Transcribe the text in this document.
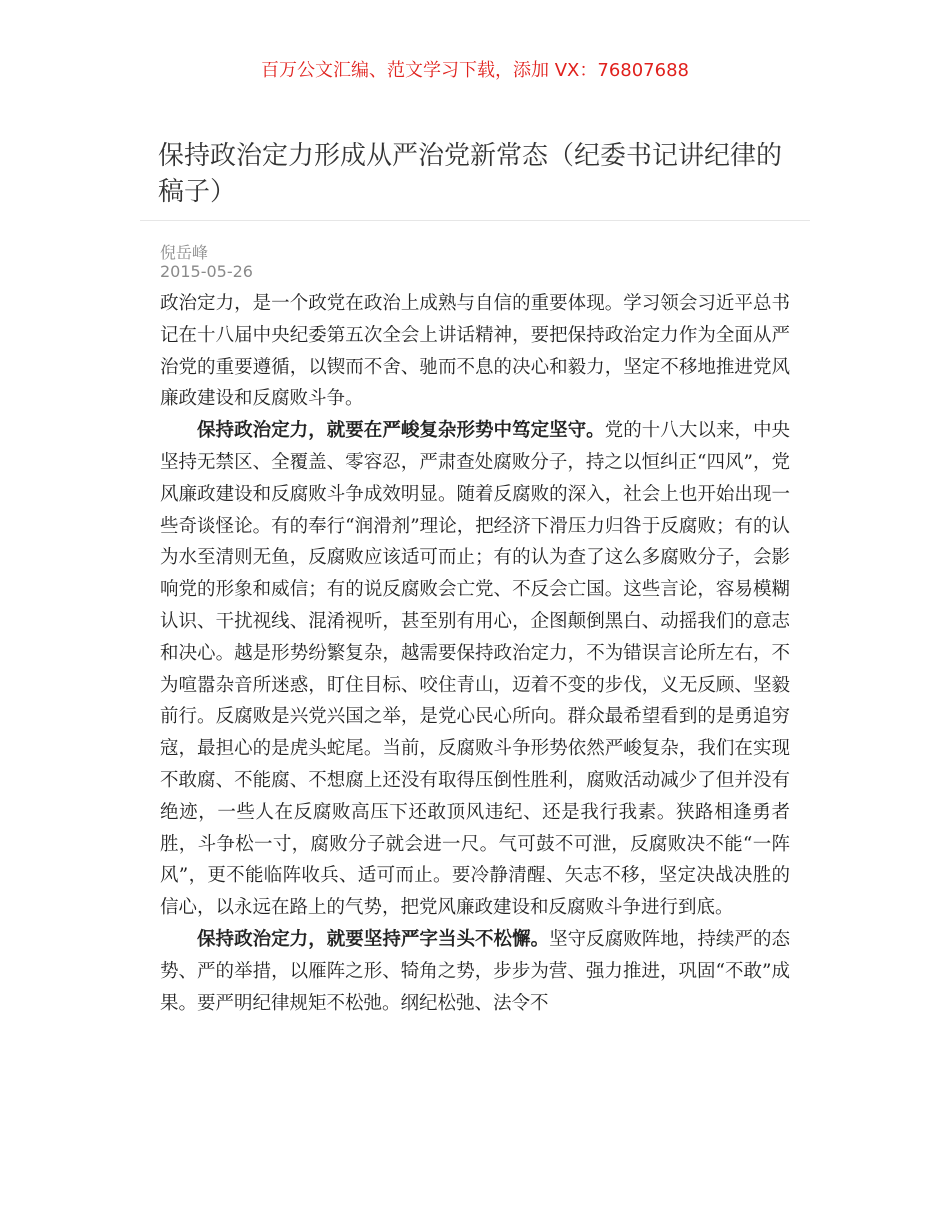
百万公文汇编、范文学习下载，添加 VX：76807688
保持政治定力形成从严治党新常态（纪委书记讲纪律的稿子）
倪岳峰
2015-05-26

政治定力，是一个政党在政治上成熟与自信的重要体现。学习领会习近平总书记在十八届中央纪委第五次全会上讲话精神，要把保持政治定力作为全面从严治党的重要遵循，以锲而不舍、驰而不息的决心和毅力，坚定不移地推进党风廉政建设和反腐败斗争。

保持政治定力，就要在严峻复杂形势中笃定坚守。党的十八大以来，中央坚持无禁区、全覆盖、零容忍，严肃查处腐败分子，持之以恒纠正“四风”，党风廉政建设和反腐败斗争成效明显。随着反腐败的深入，社会上也开始出现一些奇谈怪论。有的奉行“润滑剂”理论，把经济下滑压力归咎于反腐败；有的认为水至清则无鱼，反腐败应该适可而止；有的认为查了这么多腐败分子，会影响党的形象和威信；有的说反腐败会亡党、不反会亡国。这些言论，容易模糊认识、干扰视线、混淆视听，甚至别有用心，企图颠倒黑白、动摇我们的意志和决心。越是形势纷繁复杂，越需要保持政治定力，不为错误言论所左右，不为喧嚣杂音所迷惑，盯住目标、咬住青山，迈着不变的步伐，义无反顾、坚毅前行。反腐败是兴党兴国之举，是党心民心所向。群众最希望看到的是勇追穷寇，最担心的是虎头蛇尾。当前，反腐败斗争形势依然严峻复杂，我们在实现不敢腐、不能腐、不想腐上还没有取得压倒性胜利，腐败活动减少了但并没有绝迹，一些人在反腐败高压下还敢顶风违纪、还是我行我素。狭路相逢勇者胜，斗争松一寸，腐败分子就会进一尺。气可鼓不可泄，反腐败决不能“一阵风”，更不能临阵收兵、适可而止。要冷静清醒、矢志不移，坚定决战决胜的信心，以永远在路上的气势，把党风廉政建设和反腐败斗争进行到底。

保持政治定力，就要坚持严字当头不松懈。坚守反腐败阵地，持续严的态势、严的举措，以雁阵之形、犄角之势，步步为营、强力推进，巩固“不敢”成果。要严明纪律规矩不松弛。纲纪松弛、法令不
